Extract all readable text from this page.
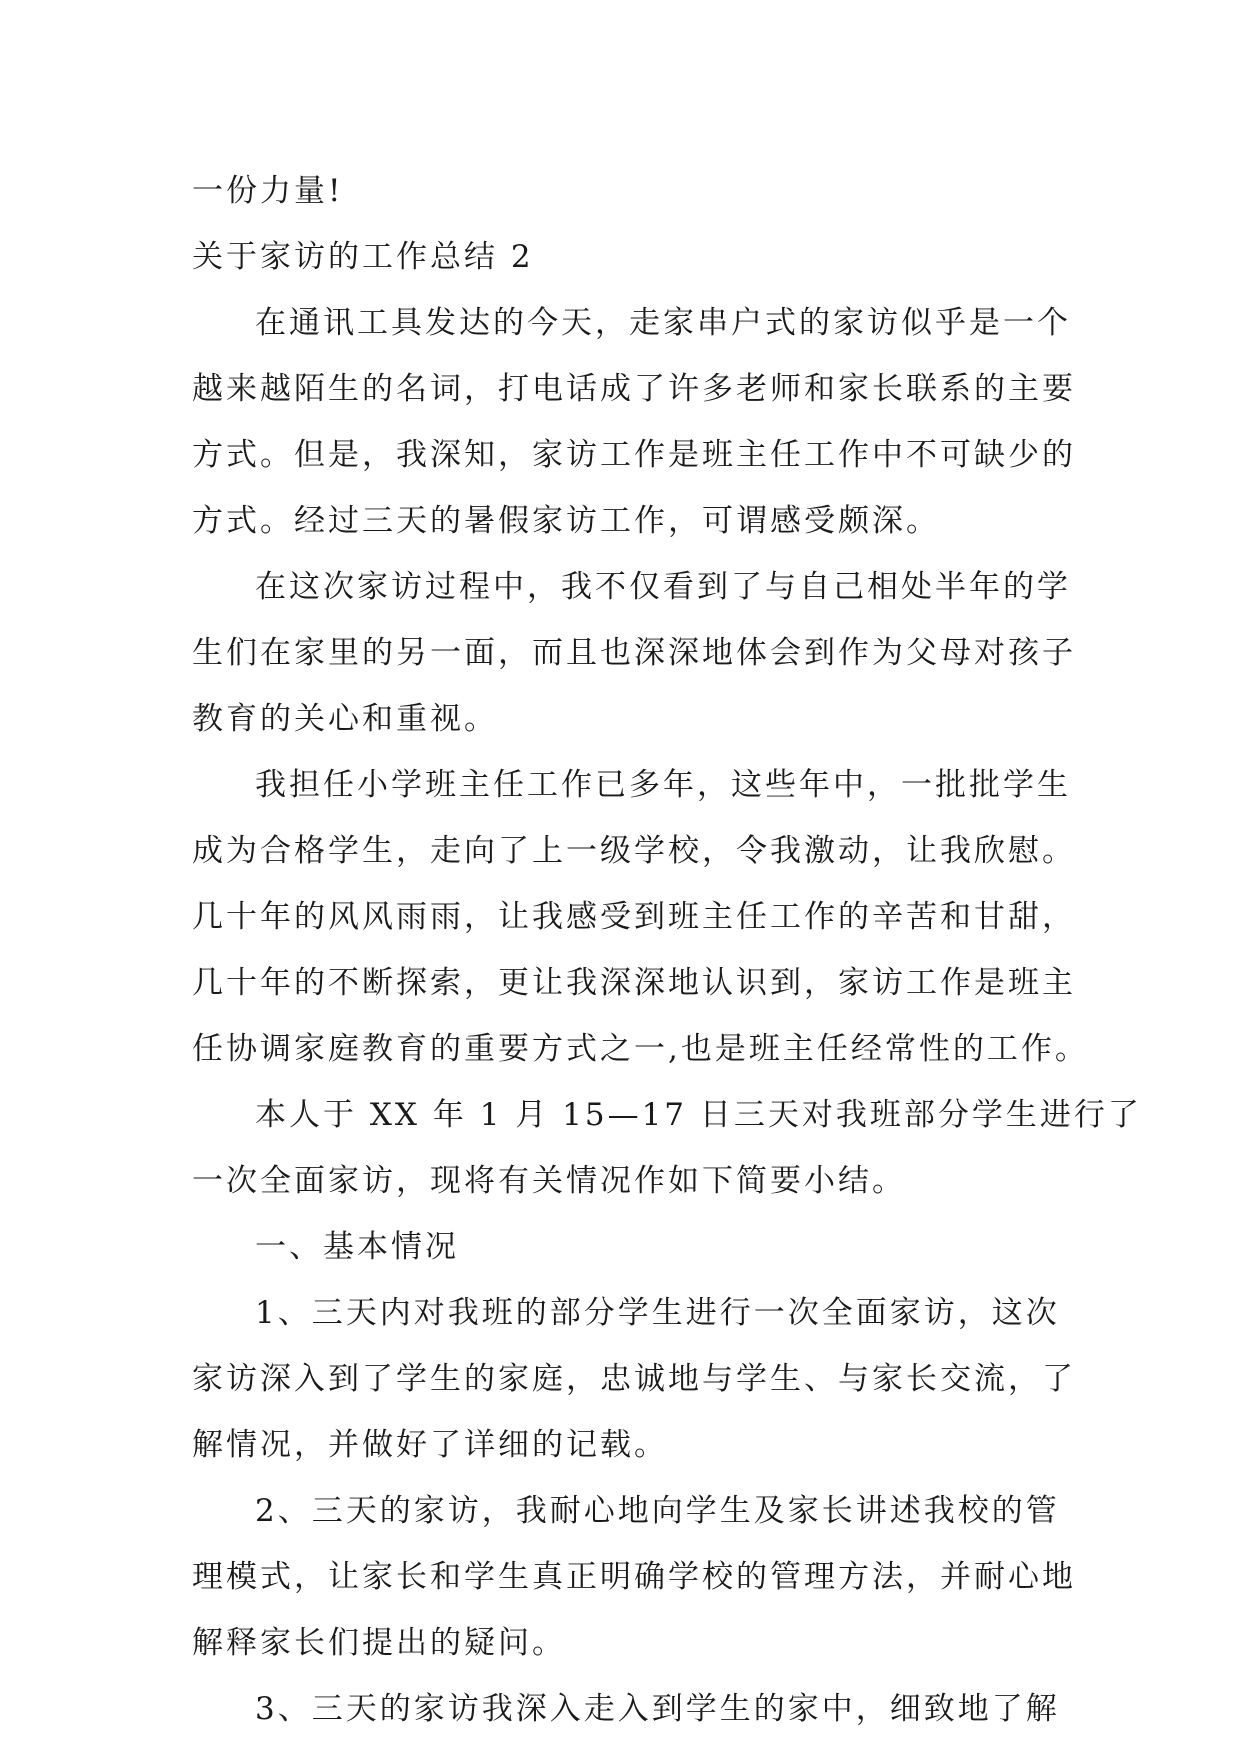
一份力量!
关于家访的工作总结 2
在通讯工具发达的今天，走家串户式的家访似乎是一个
越来越陌生的名词，打电话成了许多老师和家长联系的主要
方式。但是，我深知，家访工作是班主任工作中不可缺少的
方式。经过三天的暑假家访工作，可谓感受颇深。
在这次家访过程中，我不仅看到了与自己相处半年的学
生们在家里的另一面，而且也深深地体会到作为父母对孩子
教育的关心和重视。
我担任小学班主任工作已多年，这些年中，一批批学生
成为合格学生，走向了上一级学校，令我激动，让我欣慰。
几十年的风风雨雨，让我感受到班主任工作的辛苦和甘甜，
几十年的不断探索，更让我深深地认识到，家访工作是班主
任协调家庭教育的重要方式之一,也是班主任经常性的工作。
本人于 XX 年 1 月 15—17 日三天对我班部分学生进行了
一次全面家访，现将有关情况作如下简要小结。
一、基本情况
1、三天内对我班的部分学生进行一次全面家访，这次
家访深入到了学生的家庭，忠诚地与学生、与家长交流，了
解情况，并做好了详细的记载。
2、三天的家访，我耐心地向学生及家长讲述我校的管
理模式，让家长和学生真正明确学校的管理方法，并耐心地
解释家长们提出的疑问。
3、三天的家访我深入走入到学生的家中，细致地了解
